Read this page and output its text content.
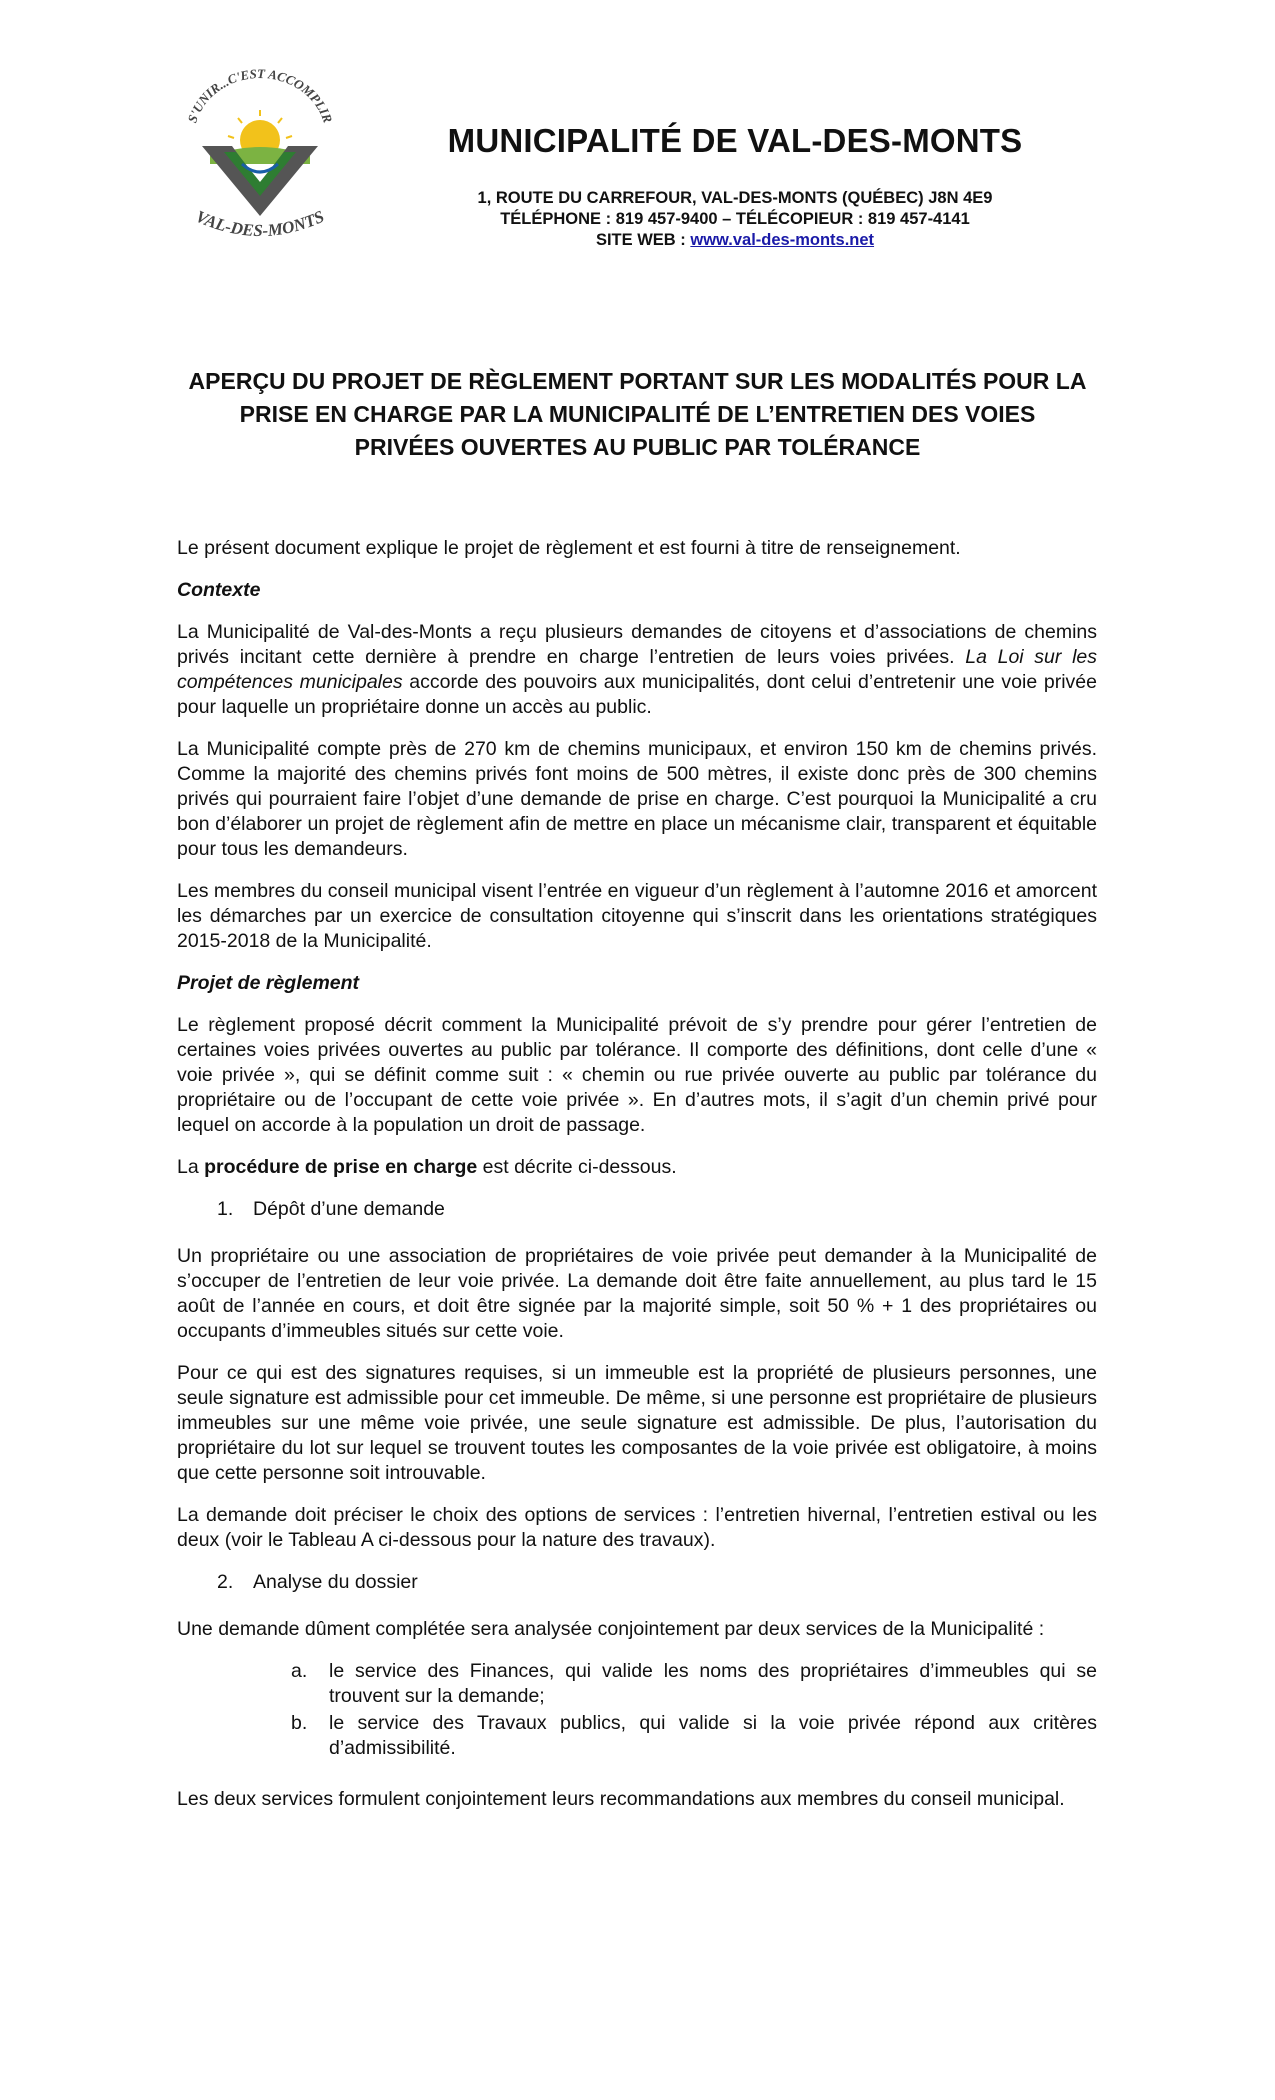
S'UNIR...C'EST ACCOMPLIR
VAL-DES-MONTS
MUNICIPALITÉ DE VAL-DES-MONTS
1, ROUTE DU CARREFOUR, VAL-DES-MONTS (QUÉBEC) J8N 4E9
TÉLÉPHONE : 819 457-9400 – TÉLÉCOPIEUR : 819 457-4141
SITE WEB : www.val-des-monts.net
APERÇU DU PROJET DE RÈGLEMENT PORTANT SUR LES MODALITÉS POUR LA
PRISE EN CHARGE PAR LA MUNICIPALITÉ DE L’ENTRETIEN DES VOIES
PRIVÉES OUVERTES AU PUBLIC PAR TOLÉRANCE

Le présent document explique le projet de règlement et est fourni à titre de renseignement.

Contexte

La Municipalité de Val-des-Monts a reçu plusieurs demandes de citoyens et d’associations de chemins privés incitant cette dernière à prendre en charge l’entretien de leurs voies privées. La Loi sur les compétences municipales accorde des pouvoirs aux municipalités, dont celui d’entretenir une voie privée pour laquelle un propriétaire donne un accès au public.

La Municipalité compte près de 270 km de chemins municipaux, et environ 150 km de chemins privés. Comme la majorité des chemins privés font moins de 500 mètres, il existe donc près de 300 chemins privés qui pourraient faire l’objet d’une demande de prise en charge. C’est pourquoi la Municipalité a cru bon d’élaborer un projet de règlement afin de mettre en place un mécanisme clair, transparent et équitable pour tous les demandeurs.

Les membres du conseil municipal visent l’entrée en vigueur d’un règlement à l’automne 2016 et amorcent les démarches par un exercice de consultation citoyenne qui s’inscrit dans les orientations stratégiques 2015-2018 de la Municipalité.

Projet de règlement

Le règlement proposé décrit comment la Municipalité prévoit de s’y prendre pour gérer l’entretien de certaines voies privées ouvertes au public par tolérance. Il comporte des définitions, dont celle d’une « voie privée », qui se définit comme suit : « chemin ou rue privée ouverte au public par tolérance du propriétaire ou de l’occupant de cette voie privée ». En d’autres mots, il s’agit d’un chemin privé pour lequel on accorde à la population un droit de passage.

La procédure de prise en charge est décrite ci-dessous.

1. Dépôt d’une demande

Un propriétaire ou une association de propriétaires de voie privée peut demander à la Municipalité de s’occuper de l’entretien de leur voie privée. La demande doit être faite annuellement, au plus tard le 15 août de l’année en cours, et doit être signée par la majorité simple, soit 50 % + 1 des propriétaires ou occupants d’immeubles situés sur cette voie.

Pour ce qui est des signatures requises, si un immeuble est la propriété de plusieurs personnes, une seule signature est admissible pour cet immeuble. De même, si une personne est propriétaire de plusieurs immeubles sur une même voie privée, une seule signature est admissible. De plus, l’autorisation du propriétaire du lot sur lequel se trouvent toutes les composantes de la voie privée est obligatoire, à moins que cette personne soit introuvable.

La demande doit préciser le choix des options de services : l’entretien hivernal, l’entretien estival ou les deux (voir le Tableau A ci-dessous pour la nature des travaux).

2. Analyse du dossier

Une demande dûment complétée sera analysée conjointement par deux services de la Municipalité :

a. le service des Finances, qui valide les noms des propriétaires d’immeubles qui se trouvent sur la demande;
b. le service des Travaux publics, qui valide si la voie privée répond aux critères d’admissibilité.

Les deux services formulent conjointement leurs recommandations aux membres du conseil municipal.
